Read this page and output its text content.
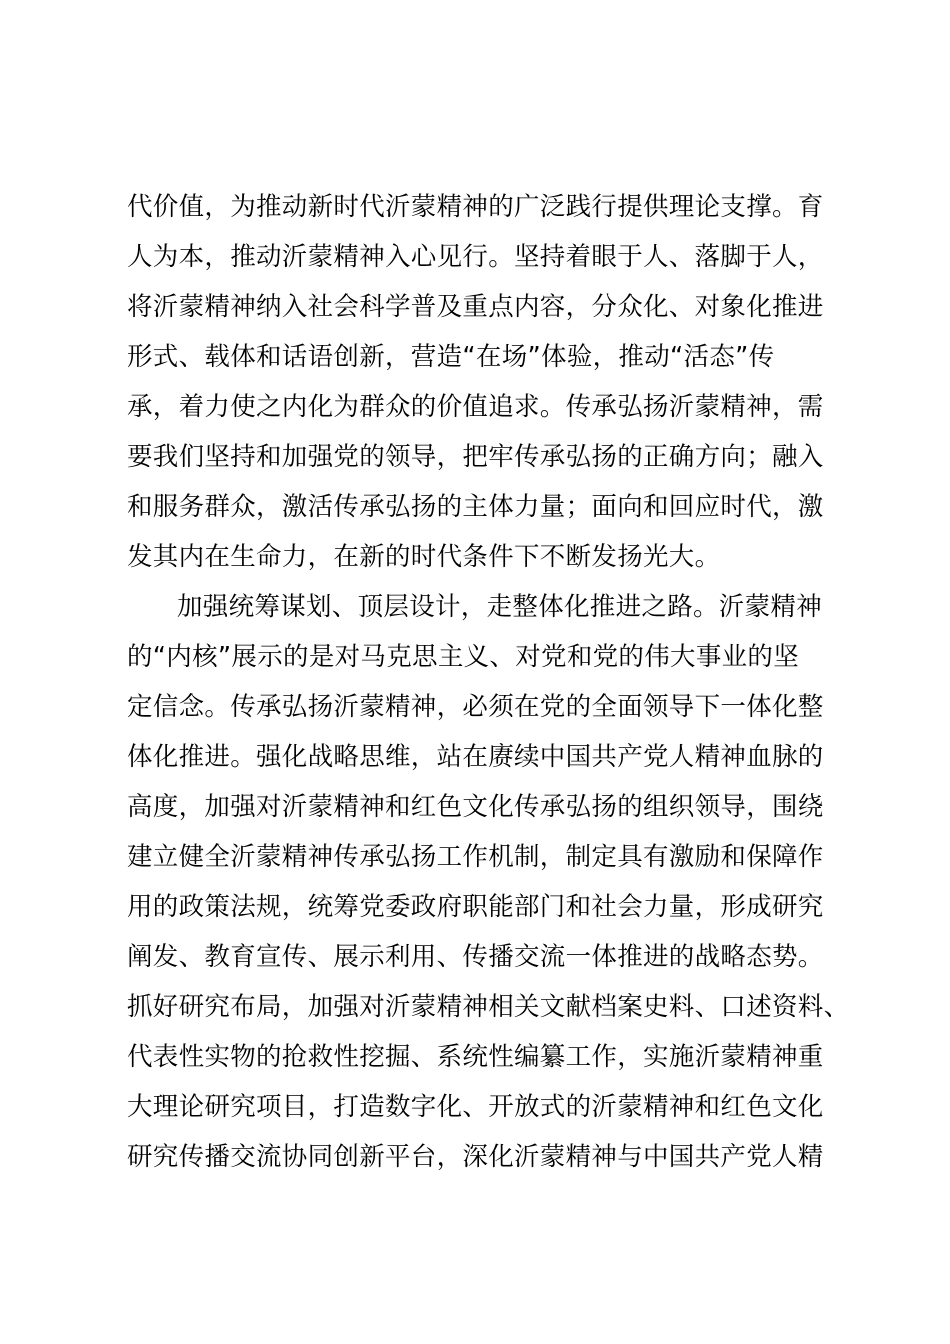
代价值，为推动新时代沂蒙精神的广泛践行提供理论支撑。育
人为本，推动沂蒙精神入心见行。坚持着眼于人、落脚于人，
将沂蒙精神纳入社会科学普及重点内容，分众化、对象化推进
形式、载体和话语创新，营造“在场”体验，推动“活态”传
承，着力使之内化为群众的价值追求。传承弘扬沂蒙精神，需
要我们坚持和加强党的领导，把牢传承弘扬的正确方向；融入
和服务群众，激活传承弘扬的主体力量；面向和回应时代，激
发其内在生命力，在新的时代条件下不断发扬光大。
加强统筹谋划、顶层设计，走整体化推进之路。沂蒙精神
的“内核”展示的是对马克思主义、对党和党的伟大事业的坚
定信念。传承弘扬沂蒙精神，必须在党的全面领导下一体化整
体化推进。强化战略思维，站在赓续中国共产党人精神血脉的
高度，加强对沂蒙精神和红色文化传承弘扬的组织领导，围绕
建立健全沂蒙精神传承弘扬工作机制，制定具有激励和保障作
用的政策法规，统筹党委政府职能部门和社会力量，形成研究
阐发、教育宣传、展示利用、传播交流一体推进的战略态势。
抓好研究布局，加强对沂蒙精神相关文献档案史料、口述资料、
代表性实物的抢救性挖掘、系统性编纂工作，实施沂蒙精神重
大理论研究项目，打造数字化、开放式的沂蒙精神和红色文化
研究传播交流协同创新平台，深化沂蒙精神与中国共产党人精
